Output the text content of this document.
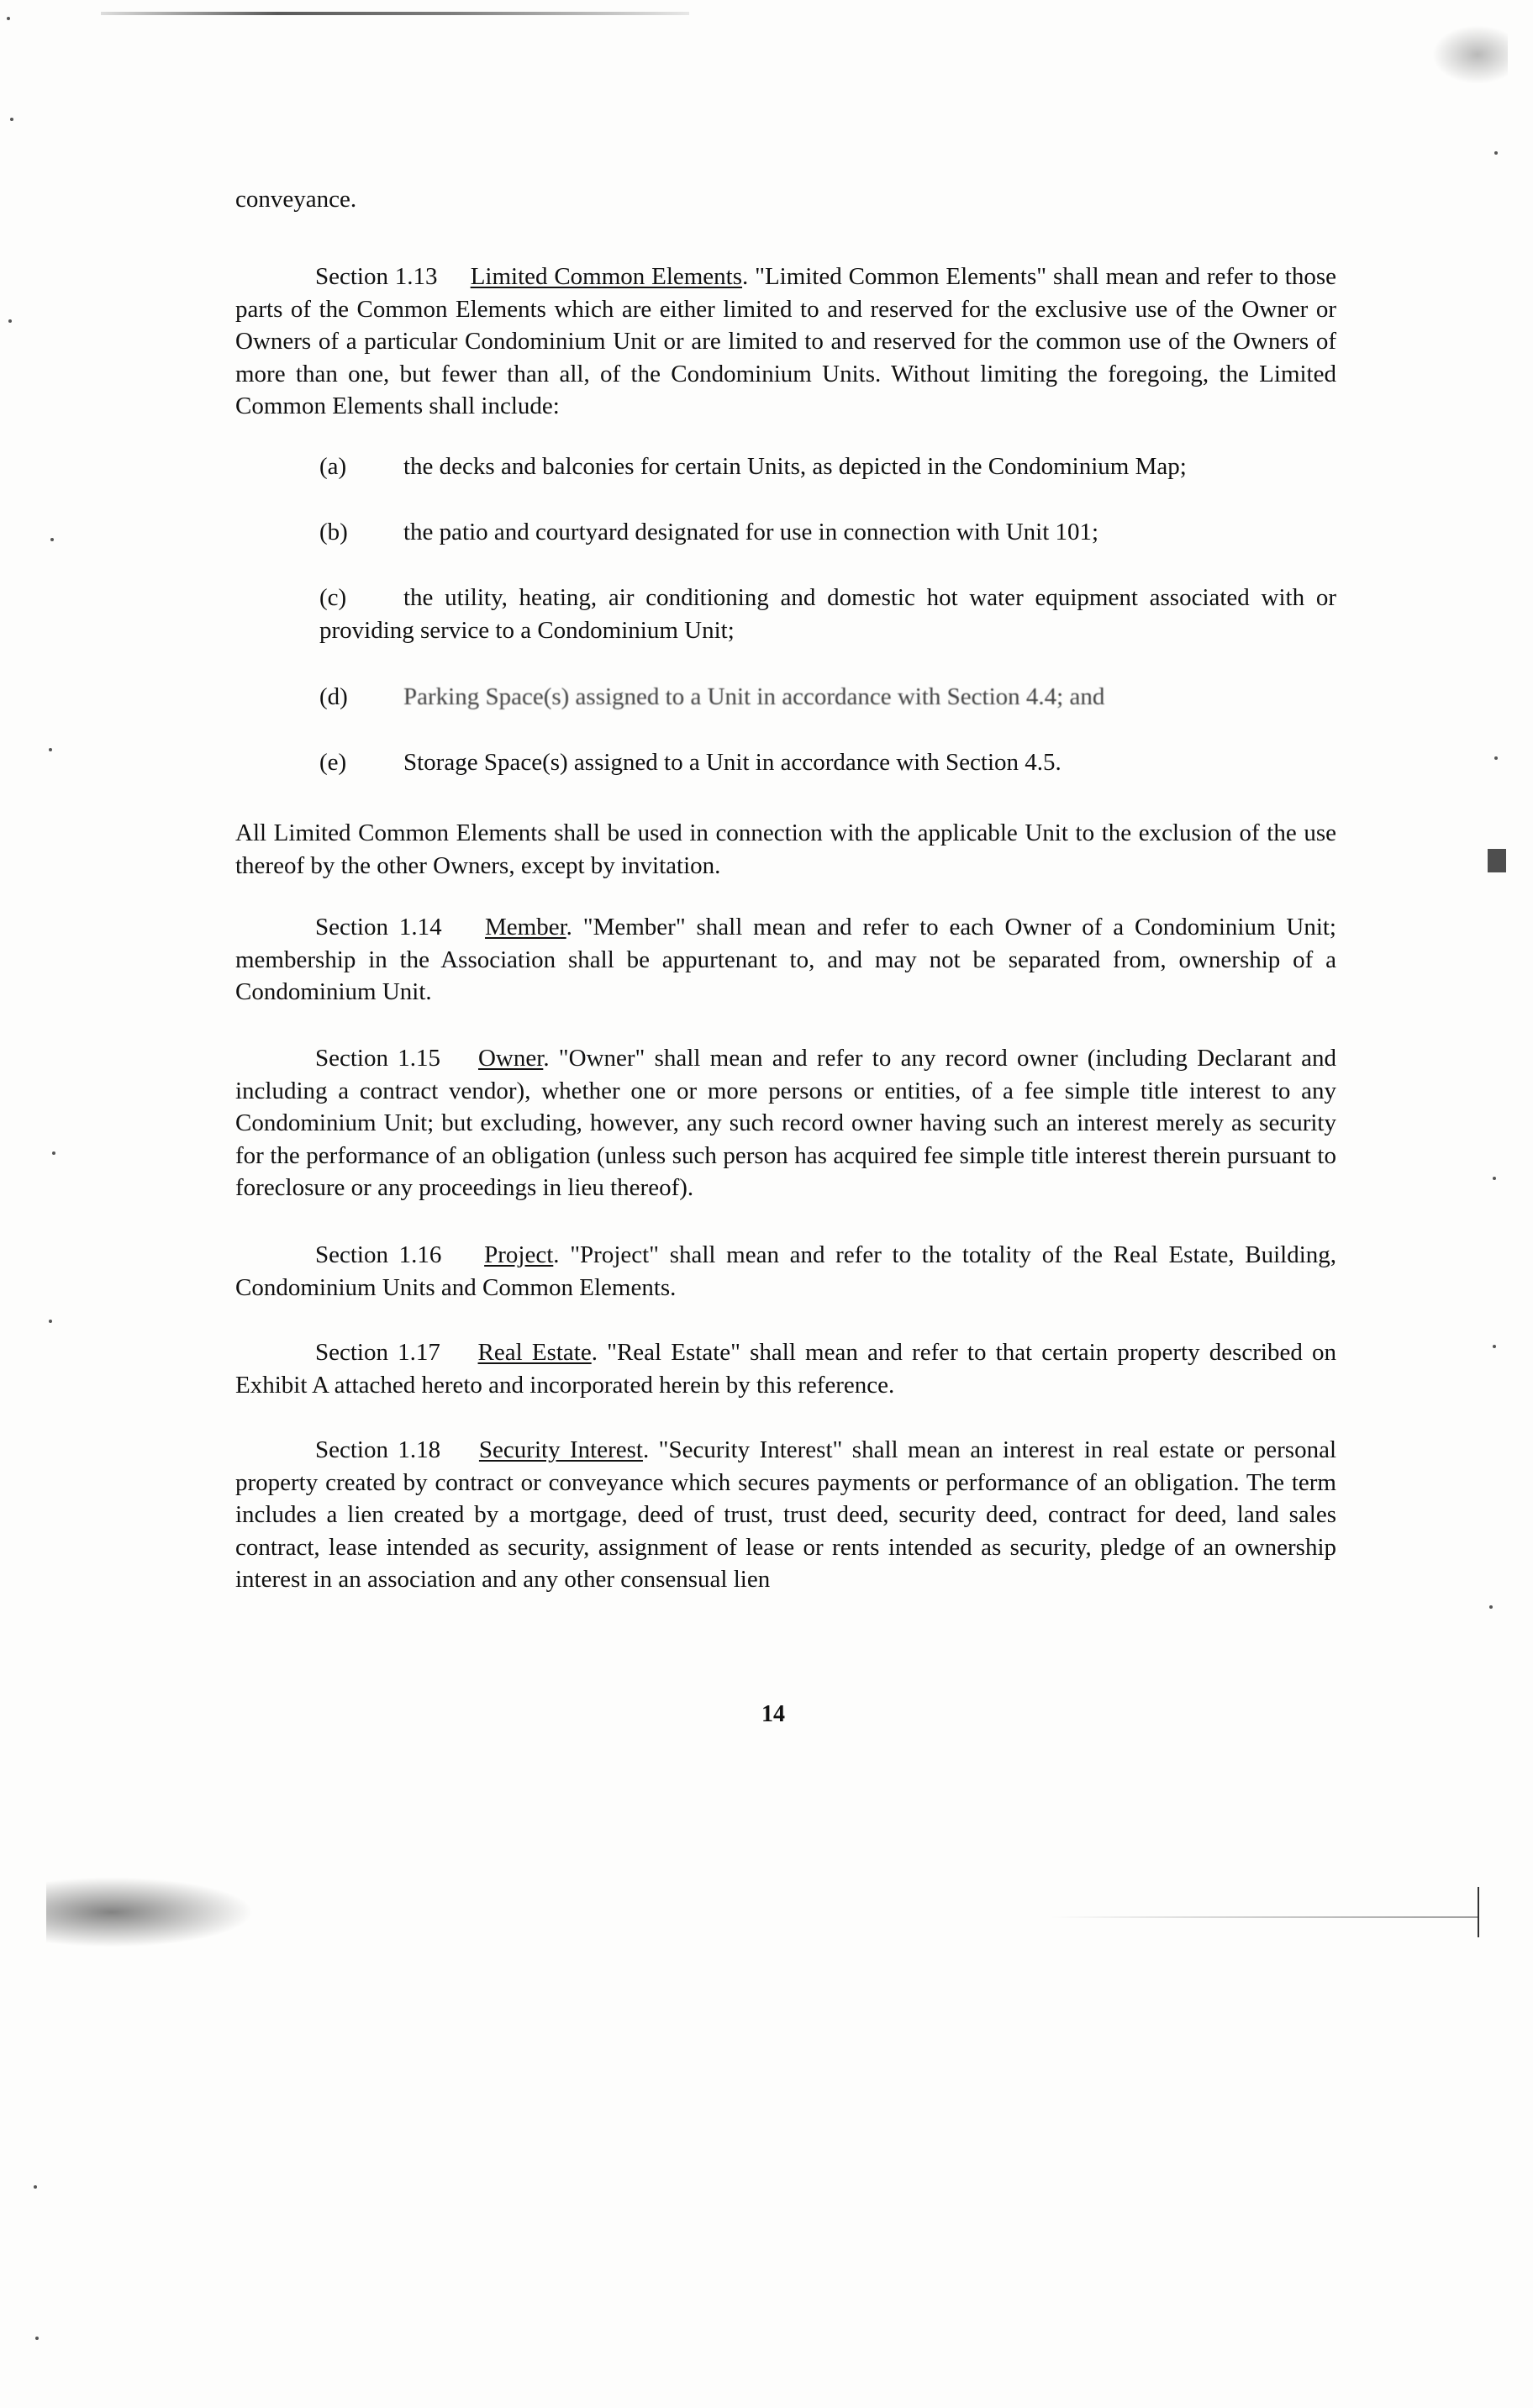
conveyance.
Section 1.13 Limited Common Elements. "Limited Common Elements" shall mean and refer to those parts of the Common Elements which are either limited to and reserved for the exclusive use of the Owner or Owners of a particular Condominium Unit or are limited to and reserved for the common use of the Owners of more than one, but fewer than all, of the Condominium Units. Without limiting the foregoing, the Limited Common Elements shall include:
(a) the decks and balconies for certain Units, as depicted in the Condominium Map;
(b) the patio and courtyard designated for use in connection with Unit 101;
(c) the utility, heating, air conditioning and domestic hot water equipment associated with or providing service to a Condominium Unit;
(d) Parking Space(s) assigned to a Unit in accordance with Section 4.4; and
(e) Storage Space(s) assigned to a Unit in accordance with Section 4.5.
All Limited Common Elements shall be used in connection with the applicable Unit to the exclusion of the use thereof by the other Owners, except by invitation.
Section 1.14 Member. "Member" shall mean and refer to each Owner of a Condominium Unit; membership in the Association shall be appurtenant to, and may not be separated from, ownership of a Condominium Unit.
Section 1.15 Owner. "Owner" shall mean and refer to any record owner (including Declarant and including a contract vendor), whether one or more persons or entities, of a fee simple title interest to any Condominium Unit; but excluding, however, any such record owner having such an interest merely as security for the performance of an obligation (unless such person has acquired fee simple title interest therein pursuant to foreclosure or any proceedings in lieu thereof).
Section 1.16 Project. "Project" shall mean and refer to the totality of the Real Estate, Building, Condominium Units and Common Elements.
Section 1.17 Real Estate. "Real Estate" shall mean and refer to that certain property described on Exhibit A attached hereto and incorporated herein by this reference.
Section 1.18 Security Interest. "Security Interest" shall mean an interest in real estate or personal property created by contract or conveyance which secures payments or performance of an obligation. The term includes a lien created by a mortgage, deed of trust, trust deed, security deed, contract for deed, land sales contract, lease intended as security, assignment of lease or rents intended as security, pledge of an ownership interest in an association and any other consensual lien
14
